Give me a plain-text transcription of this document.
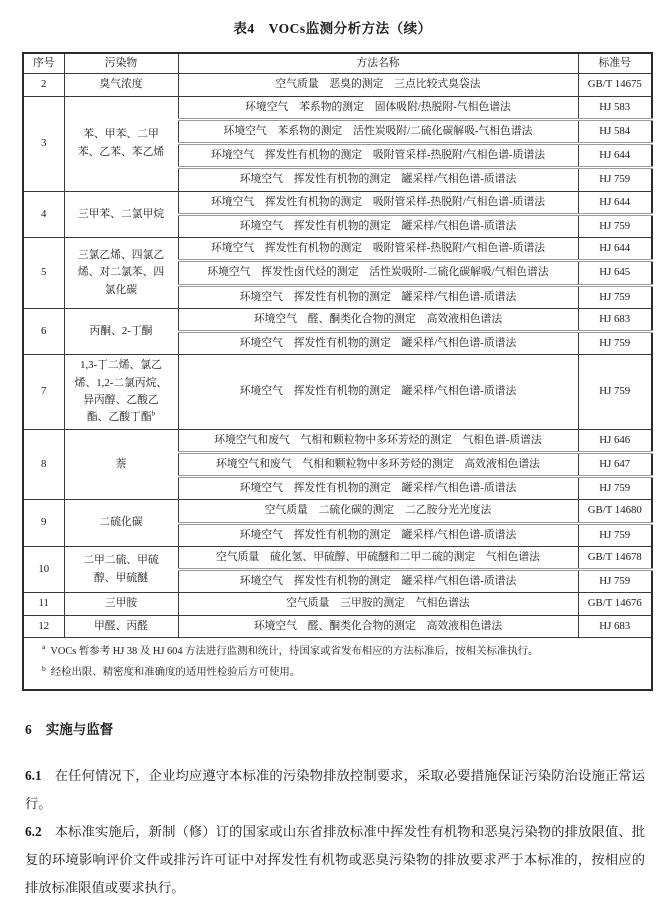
表4　VOCs监测分析方法（续）
序号	污染物	方法名称	标准号
2	臭气浓度	空气质量　恶臭的测定　三点比较式臭袋法	GB/T 14675
3	苯、甲苯、二甲苯、乙苯、苯乙烯	环境空气　苯系物的测定　固体吸附/热脱附-气相色谱法	HJ 583
		环境空气　苯系物的测定　活性炭吸附/二硫化碳解吸-气相色谱法	HJ 584
		环境空气　挥发性有机物的测定　吸附管采样-热脱附/气相色谱-质谱法	HJ 644
		环境空气　挥发性有机物的测定　罐采样/气相色谱-质谱法	HJ 759
4	三甲苯、二氯甲烷	环境空气　挥发性有机物的测定　吸附管采样-热脱附/气相色谱-质谱法	HJ 644
		环境空气　挥发性有机物的测定　罐采样/气相色谱-质谱法	HJ 759
5	三氯乙烯、四氯乙烯、对二氯苯、四氯化碳	环境空气　挥发性有机物的测定　吸附管采样-热脱附/气相色谱-质谱法	HJ 644
		环境空气　挥发性卤代烃的测定　活性炭吸附-二硫化碳解吸/气相色谱法	HJ 645
		环境空气　挥发性有机物的测定　罐采样/气相色谱-质谱法	HJ 759
6	丙酮、2-丁酮	环境空气　醛、酮类化合物的测定　高效液相色谱法	HJ 683
		环境空气　挥发性有机物的测定　罐采样/气相色谱-质谱法	HJ 759
7	1,3-丁二烯、氯乙烯、1,2-二氯丙烷、异丙醇、乙酸乙酯、乙酸丁酯$^b$	环境空气　挥发性有机物的测定　罐采样/气相色谱-质谱法	HJ 759
8	萘	环境空气和废气　气相和颗粒物中多环芳烃的测定　气相色谱-质谱法	HJ 646
		环境空气和废气　气相和颗粒物中多环芳烃的测定　高效液相色谱法	HJ 647
		环境空气　挥发性有机物的测定　罐采样/气相色谱-质谱法	HJ 759
9	二硫化碳	空气质量　二硫化碳的测定　二乙胺分光光度法	GB/T 14680
		环境空气　挥发性有机物的测定　罐采样/气相色谱-质谱法	HJ 759
10	二甲二硫、甲硫醇、甲硫醚	空气质量　硫化氢、甲硫醇、甲硫醚和二甲二硫的测定　气相色谱法	GB/T 14678
		环境空气　挥发性有机物的测定　罐采样/气相色谱-质谱法	HJ 759
11	三甲胺	空气质量　三甲胺的测定　气相色谱法	GB/T 14676
12	甲醛、丙醛	环境空气　醛、酮类化合物的测定　高效液相色谱法	HJ 683

$^a$ VOCs 暂参考 HJ 38 及 HJ 604 方法进行监测和统计，待国家或省发布相应的方法标准后，按相关标准执行。
$^b$ 经检出限、精密度和准确度的适用性检验后方可使用。			
6 实施与监督

6.1 在任何情况下，企业均应遵守本标准的污染物排放控制要求，采取必要措施保证污染防治设施正常运行。

6.2 本标准实施后，新制（修）订的国家或山东省排放标准中挥发性有机物和恶臭污染物的排放限值、批复的环境影响评价文件或排污许可证中对挥发性有机物或恶臭污染物的排放要求严于本标准的，按相应的排放标准限值或要求执行。
